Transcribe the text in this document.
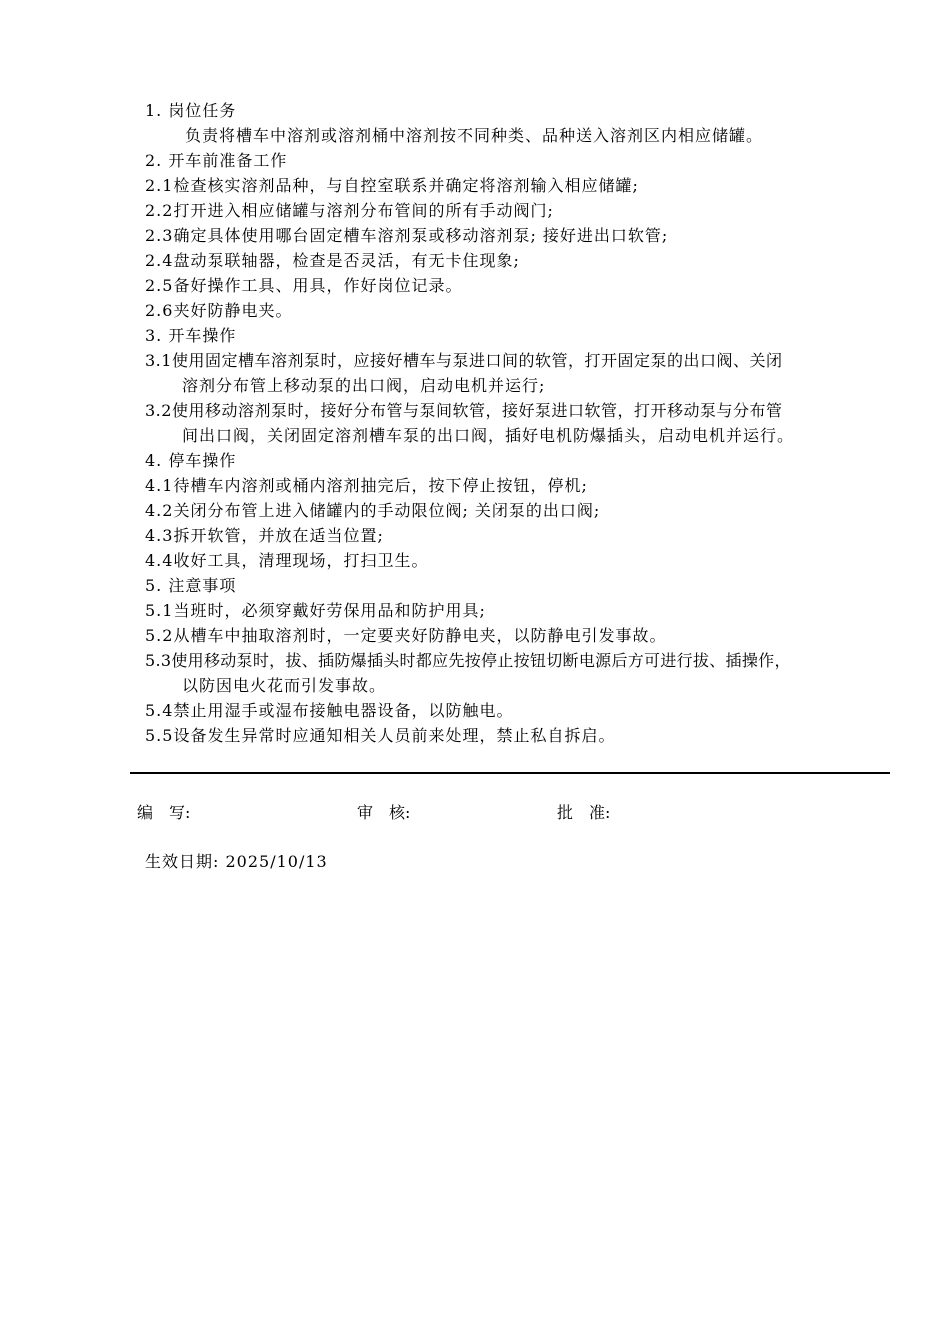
1. 岗位任务
负责将槽车中溶剂或溶剂桶中溶剂按不同种类、品种送入溶剂区内相应储罐。
2. 开车前准备工作
2.1检查核实溶剂品种，与自控室联系并确定将溶剂输入相应储罐;
2.2打开进入相应储罐与溶剂分布管间的所有手动阀门;
2.3确定具体使用哪台固定槽车溶剂泵或移动溶剂泵; 接好进出口软管;
2.4盘动泵联轴器，检查是否灵活，有无卡住现象;
2.5备好操作工具、用具，作好岗位记录。
2.6夹好防静电夹。
3. 开车操作
3.1使用固定槽车溶剂泵时，应接好槽车与泵进口间的软管，打开固定泵的出口阀、关闭
溶剂分布管上移动泵的出口阀，启动电机并运行;
3.2使用移动溶剂泵时，接好分布管与泵间软管，接好泵进口软管，打开移动泵与分布管
间出口阀，关闭固定溶剂槽车泵的出口阀，插好电机防爆插头，启动电机并运行。
4. 停车操作
4.1待槽车内溶剂或桶内溶剂抽完后，按下停止按钮，停机;
4.2关闭分布管上进入储罐内的手动限位阀; 关闭泵的出口阀;
4.3拆开软管，并放在适当位置;
4.4收好工具，清理现场，打扫卫生。
5. 注意事项
5.1当班时，必须穿戴好劳保用品和防护用具;
5.2从槽车中抽取溶剂时，一定要夹好防静电夹，以防静电引发事故。
5.3使用移动泵时，拔、插防爆插头时都应先按停止按钮切断电源后方可进行拔、插操作，
以防因电火花而引发事故。
5.4禁止用湿手或湿布接触电器设备，以防触电。
5.5设备发生异常时应通知相关人员前来处理，禁止私自拆启。
编　写:	审　核:	批　准:
生效日期: 2025/10/13
